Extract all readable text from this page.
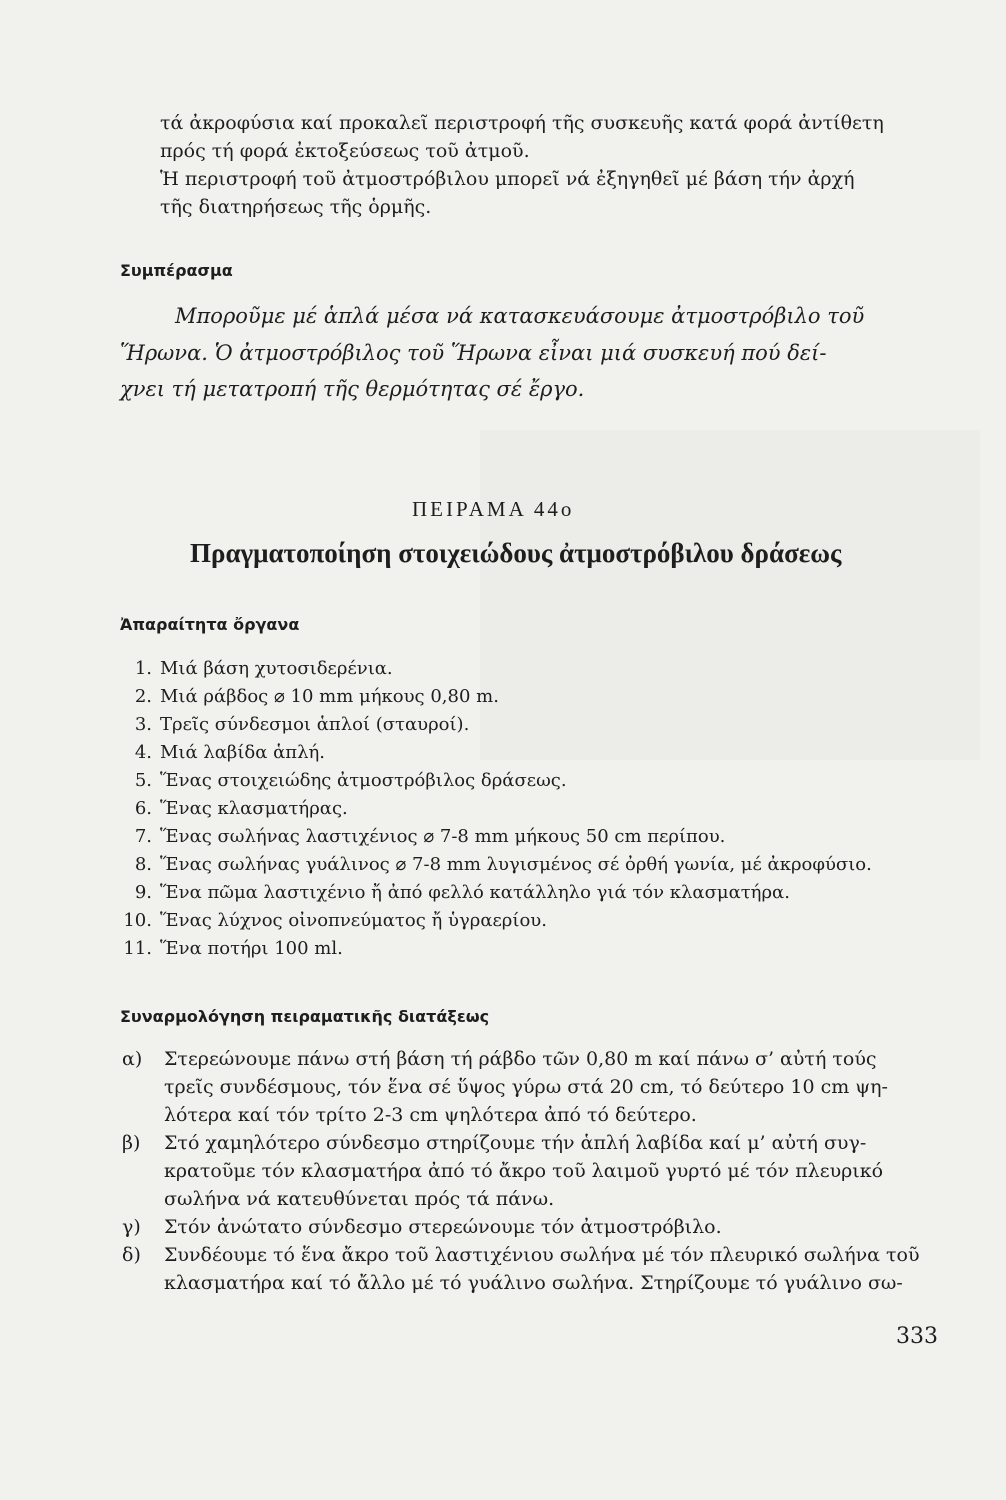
τά ἀκροφύσια καί προκαλεῖ περιστροφή τῆς συσκευῆς κατά φορά ἀντίθετη
πρός τή φορά ἐκτοξεύσεως τοῦ ἀτμοῦ.
Ἡ περιστροφή τοῦ ἀτμοστρόβιλου μπορεῖ νά ἐξηγηθεῖ μέ βάση τήν ἀρχή
τῆς διατηρήσεως τῆς ὁρμῆς.
Συμπέρασμα
Μποροῦμε μέ ἁπλά μέσα νά κατασκευάσουμε ἀτμοστρόβιλο τοῦ
Ἥρωνα. Ὁ ἀτμοστρόβιλος τοῦ Ἥρωνα εἶναι μιά συσκευή πού δεί-
χνει τή μετατροπή τῆς θερμότητας σέ ἔργο.
ΠΕΙΡΑΜΑ 44ο
Πραγματοποίηση στοιχειώδους ἀτμοστρόβιλου δράσεως
Ἀπαραίτητα ὄργανα
1. Μιά βάση χυτοσιδερένια.
2. Μιά ράβδος ⌀ 10 mm μήκους 0,80 m.
3. Τρεῖς σύνδεσμοι ἁπλοί (σταυροί).
4. Μιά λαβίδα ἁπλή.
5. Ἕνας στοιχειώδης ἀτμοστρόβιλος δράσεως.
6. Ἕνας κλασματήρας.
7. Ἕνας σωλήνας λαστιχένιος ⌀ 7-8 mm μήκους 50 cm περίπου.
8. Ἕνας σωλήνας γυάλινος ⌀ 7-8 mm λυγισμένος σέ ὀρθή γωνία, μέ ἀκροφύσιο.
9. Ἕνα πῶμα λαστιχένιο ἤ ἀπό φελλό κατάλληλο γιά τόν κλασματήρα.
10. Ἕνας λύχνος οἰνοπνεύματος ἤ ὑγραερίου.
11. Ἕνα ποτήρι 100 ml.
Συναρμολόγηση πειραματικῆς διατάξεως
α) Στερεώνουμε πάνω στή βάση τή ράβδο τῶν 0,80 m καί πάνω σ’ αὐτή τούς
τρεῖς συνδέσμους, τόν ἕνα σέ ὕψος γύρω στά 20 cm, τό δεύτερο 10 cm ψη-
λότερα καί τόν τρίτο 2-3 cm ψηλότερα ἀπό τό δεύτερο.
β) Στό χαμηλότερο σύνδεσμο στηρίζουμε τήν ἁπλή λαβίδα καί μ’ αὐτή συγ-
κρατοῦμε τόν κλασματήρα ἀπό τό ἄκρο τοῦ λαιμοῦ γυρτό μέ τόν πλευρικό
σωλήνα νά κατευθύνεται πρός τά πάνω.
γ) Στόν ἀνώτατο σύνδεσμο στερεώνουμε τόν ἀτμοστρόβιλο.
δ) Συνδέουμε τό ἕνα ἄκρο τοῦ λαστιχένιου σωλήνα μέ τόν πλευρικό σωλήνα τοῦ
κλασματήρα καί τό ἄλλο μέ τό γυάλινο σωλήνα. Στηρίζουμε τό γυάλινο σω-
333
